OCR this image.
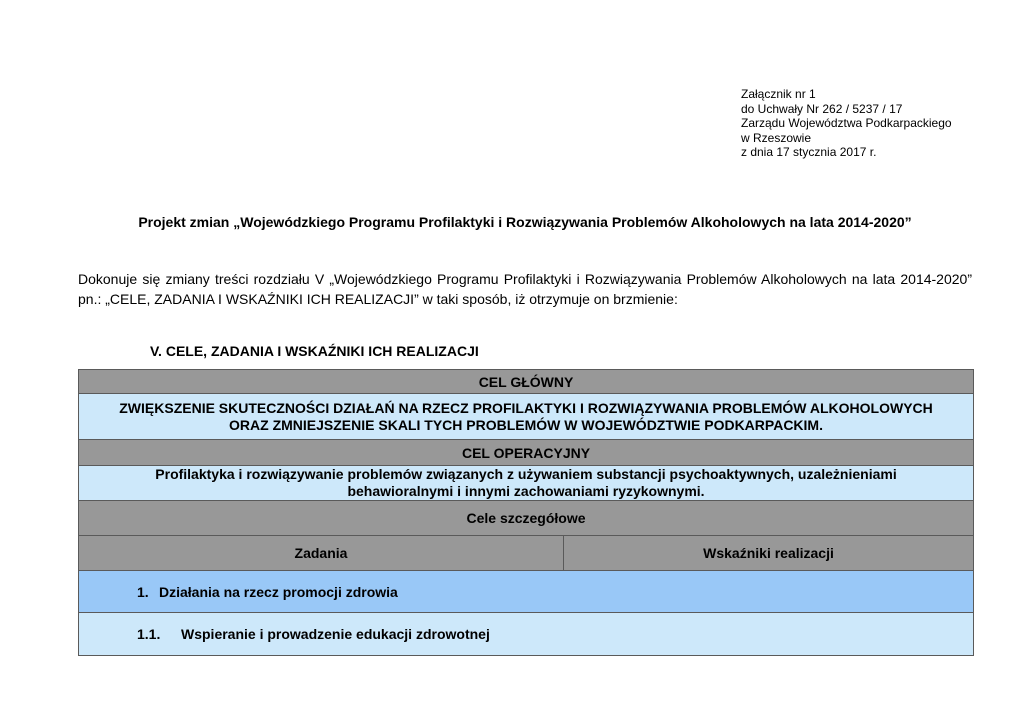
Załącznik nr 1
do Uchwały Nr 262 / 5237 / 17
Zarządu Województwa Podkarpackiego
w Rzeszowie
z dnia 17 stycznia 2017 r.
Projekt zmian „Wojewódzkiego Programu Profilaktyki i Rozwiązywania Problemów Alkoholowych na lata 2014-2020”
Dokonuje się zmiany treści rozdziału V „Wojewódzkiego Programu Profilaktyki i Rozwiązywania Problemów Alkoholowych na lata 2014-2020” pn.: „CELE, ZADANIA I WSKAŹNIKI ICH REALIZACJI” w taki sposób, iż otrzymuje on brzmienie:
V. CELE, ZADANIA I WSKAŹNIKI ICH REALIZACJI
CEL GŁÓWNY

ZWIĘKSZENIE SKUTECZNOŚCI DZIAŁAŃ NA RZECZ PROFILAKTYKI I ROZWIĄZYWANIA PROBLEMÓW ALKOHOLOWYCH
ORAZ ZMNIEJSZENIE SKALI TYCH PROBLEMÓW W WOJEWÓDZTWIE PODKARPACKIM.

CEL OPERACYJNY

Profilaktyka i rozwiązywanie problemów związanych z używaniem substancji psychoaktywnych, uzależnieniami
behawioralnymi i innymi zachowaniami ryzykownymi.

Cele szczegółowe
Zadania	Wskaźniki realizacji
1. Działania na rzecz promocji zdrowia
1.1. Wspieranie i prowadzenie edukacji zdrowotnej
